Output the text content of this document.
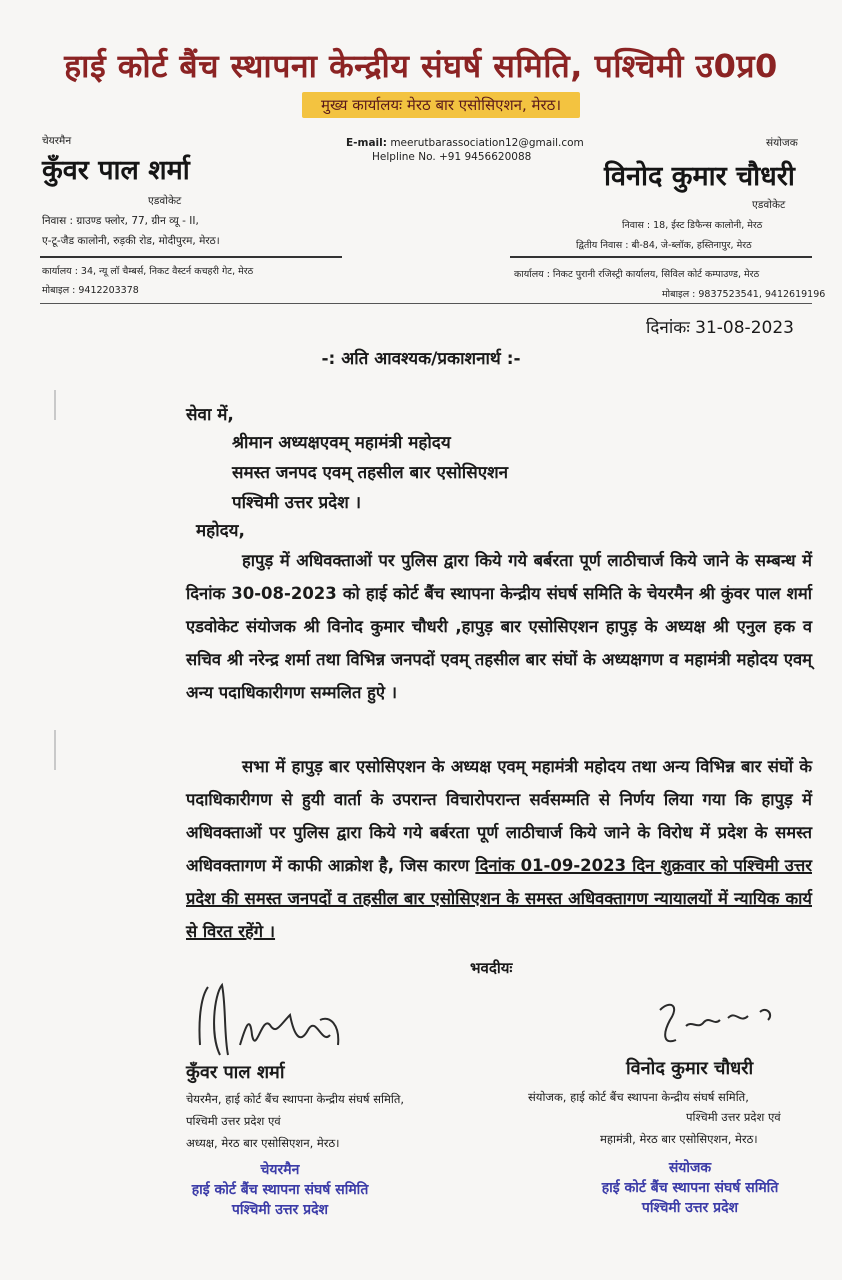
हाई कोर्ट बैंच स्थापना केन्द्रीय संघर्ष समिति, पश्चिमी उ0प्र0
मुख्य कार्यालयः मेरठ बार एसोसिएशन, मेरठ।
चेयरमैन
कुँवर पाल शर्मा
एडवोकेट
निवास : ग्राउण्ड फ्लोर, 77, ग्रीन व्यू - II,
ए-टू-जैड कालोनी, रुड़की रोड, मोदीपुरम, मेरठ।
कार्यालय : 34, न्यू लॉ चैम्बर्स, निकट वैस्टर्न कचहरी गेट, मेरठ
मोबाइल : 9412203378
E-mail: meerutbarassociation12@gmail.com
Helpline No. +91 9456620088
संयोजक
विनोद कुमार चौधरी
एडवोकेट
निवास : 18, ईस्ट डिफैन्स कालोनी, मेरठ
द्वितीय निवास : बी-84, जे-ब्लॉक, हस्तिनापुर, मेरठ
कार्यालय : निकट पुरानी रजिस्ट्री कार्यालय, सिविल कोर्ट कम्पाउण्ड, मेरठ
मोबाइल : 9837523541, 9412619196
दिनांकः 31-08-2023
-: अति आवश्यक/प्रकाशनार्थ :-
सेवा में,
श्रीमान अध्यक्षएवम् महामंत्री महोदय
समस्त जनपद एवम् तहसील बार एसोसिएशन
पश्चिमी उत्तर प्रदेश ।
महोदय,
हापुड़ में अधिवक्ताओं पर पुलिस द्वारा किये गये बर्बरता पूर्ण लाठीचार्ज किये जाने के सम्बन्ध में दिनांक 30-08-2023 को हाई कोर्ट बैंच स्थापना केन्द्रीय संघर्ष समिति के चेयरमैन श्री कुंवर पाल शर्मा एडवोकेट संयोजक श्री विनोद कुमार चौधरी ,हापुड़ बार एसोसिएशन हापुड़ के अध्यक्ष श्री एनुल हक व सचिव श्री नरेन्द्र शर्मा तथा विभिन्न जनपदों एवम् तहसील बार संघों के अध्यक्षगण व महामंत्री महोदय एवम् अन्य पदाधिकारीगण सम्मलित हुऐ ।
सभा में हापुड़ बार एसोसिएशन के अध्यक्ष एवम् महामंत्री महोदय तथा अन्य विभिन्न बार संघों के पदाधिकारीगण से हुयी वार्ता के उपरान्त विचारोपरान्त सर्वसम्मति से निर्णय लिया गया कि हापुड़ में अधिवक्ताओं पर पुलिस द्वारा किये गये बर्बरता पूर्ण लाठीचार्ज किये जाने के विरोध में प्रदेश के समस्त अधिवक्तागण में काफी आक्रोश है, जिस कारण दिनांक 01-09-2023 दिन शुक्रवार को पश्चिमी उत्तर प्रदेश की समस्त जनपदों व तहसील बार एसोसिएशन के समस्त अधिवक्तागण न्यायालयों में न्यायिक कार्य से विरत रहेंगे ।
भवदीयः
कुँवर पाल शर्मा
चेयरमैन, हाई कोर्ट बैंच स्थापना केन्द्रीय संघर्ष समिति,
पश्चिमी उत्तर प्रदेश एवं
अध्यक्ष, मेरठ बार एसोसिएशन, मेरठ।
चेयरमैन
हाई कोर्ट बैंच स्थापना संघर्ष समिति
पश्चिमी उत्तर प्रदेश
विनोद कुमार चौधरी
संयोजक, हाई कोर्ट बैंच स्थापना केन्द्रीय संघर्ष समिति,
पश्चिमी उत्तर प्रदेश एवं
महामंत्री, मेरठ बार एसोसिएशन, मेरठ।
संयोजक
हाई कोर्ट बैंच स्थापना संघर्ष समिति
पश्चिमी उत्तर प्रदेश
